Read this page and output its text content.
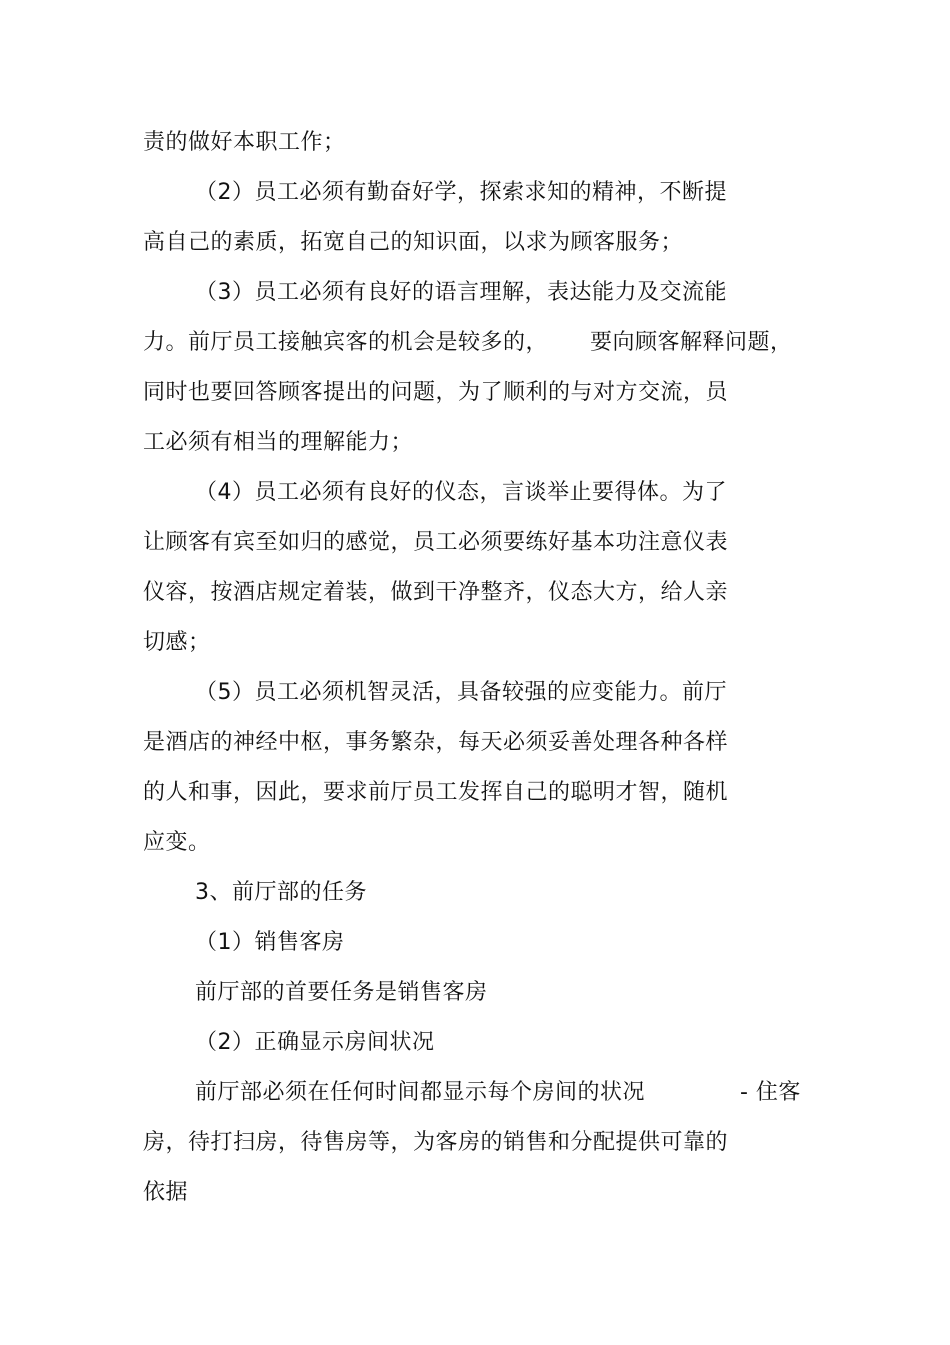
责的做好本职工作；
（2）员工必须有勤奋好学，探索求知的精神，不断提
高自己的素质，拓宽自己的知识面，以求为顾客服务；
（3）员工必须有良好的语言理解，表达能力及交流能
力。前厅员工接触宾客的机会是较多的， 要向顾客解释问题，
同时也要回答顾客提出的问题，为了顺利的与对方交流，员
工必须有相当的理解能力；
（4）员工必须有良好的仪态，言谈举止要得体。为了
让顾客有宾至如归的感觉，员工必须要练好基本功注意仪表
仪容，按酒店规定着装，做到干净整齐，仪态大方，给人亲
切感；
（5）员工必须机智灵活，具备较强的应变能力。前厅
是酒店的神经中枢，事务繁杂，每天必须妥善处理各种各样
的人和事，因此，要求前厅员工发挥自己的聪明才智，随机
应变。
3、前厅部的任务
（1）销售客房
前厅部的首要任务是销售客房
（2）正确显示房间状况
前厅部必须在任何时间都显示每个房间的状况	- 住客
房，待打扫房，待售房等，为客房的销售和分配提供可靠的
依据
